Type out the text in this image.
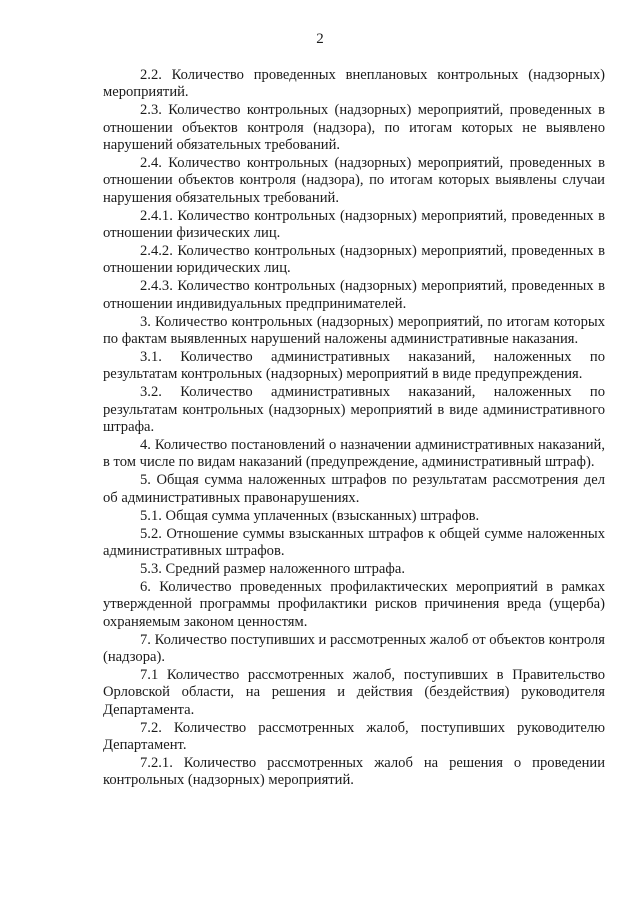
2

2.2. Количество проведенных внеплановых контрольных (надзорных) мероприятий.

2.3. Количество контрольных (надзорных) мероприятий, проведенных в отношении объектов контроля (надзора), по итогам которых не выявлено нарушений обязательных требований.

2.4. Количество контрольных (надзорных) мероприятий, проведенных в отношении объектов контроля (надзора), по итогам которых выявлены случаи нарушения обязательных требований.

2.4.1. Количество контрольных (надзорных) мероприятий, проведенных в отношении физических лиц.

2.4.2. Количество контрольных (надзорных) мероприятий, проведенных в отношении юридических лиц.

2.4.3. Количество контрольных (надзорных) мероприятий, проведенных в отношении индивидуальных предпринимателей.

3. Количество контрольных (надзорных) мероприятий, по итогам которых по фактам выявленных нарушений наложены административные наказания.

3.1. Количество административных наказаний, наложенных по результатам контрольных (надзорных) мероприятий в виде предупреждения.

3.2. Количество административных наказаний, наложенных по результатам контрольных (надзорных) мероприятий в виде административного штрафа.

4. Количество постановлений о назначении административных наказаний, в том числе по видам наказаний (предупреждение, административный штраф).

5. Общая сумма наложенных штрафов по результатам рассмотрения дел об административных правонарушениях.

5.1. Общая сумма уплаченных (взысканных) штрафов.

5.2. Отношение суммы взысканных штрафов к общей сумме наложенных административных штрафов.

5.3. Средний размер наложенного штрафа.

6. Количество проведенных профилактических мероприятий в рамках утвержденной программы профилактики рисков причинения вреда (ущерба) охраняемым законом ценностям.

7. Количество поступивших и рассмотренных жалоб от объектов контроля (надзора).

7.1 Количество рассмотренных жалоб, поступивших в Правительство Орловской области, на решения и действия (бездействия) руководителя Департамента.

7.2. Количество рассмотренных жалоб, поступивших руководителю Департамент.

7.2.1. Количество рассмотренных жалоб на решения о проведении контрольных (надзорных) мероприятий.
